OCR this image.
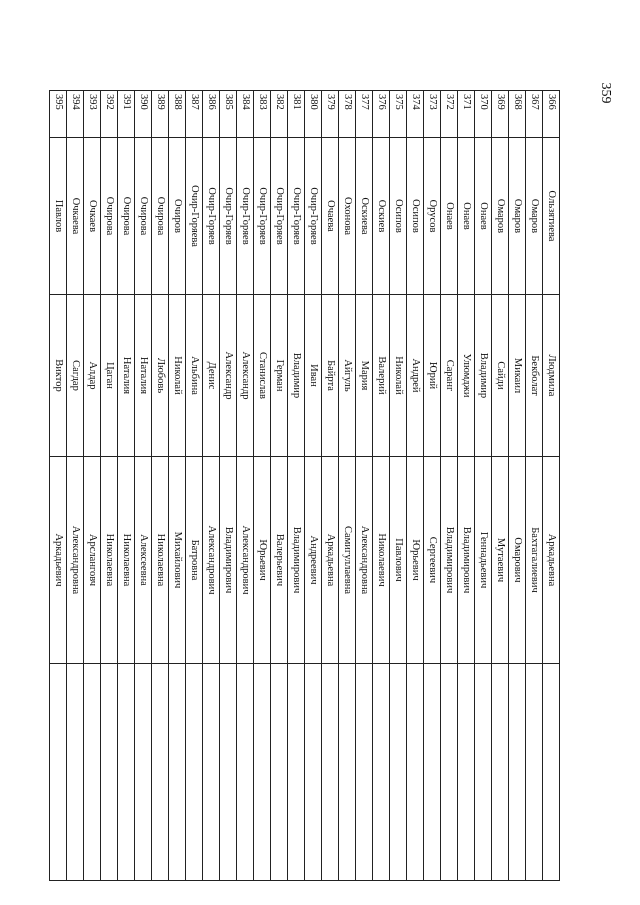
359
366	Ользятиева	Людмила	Аркадьевна	
367	Омаров	Бекболат	Бахтагалиевич	
368	Омаров	Микаил	Омарович	
369	Омаров	Сайди	Мутаевич	
370	Онаев	Владимир	Геннадьевич	
371	Онаев	Улюмджи	Владимирович	
372	Онаев	Саранг	Владимирович	
373	Орусов	Юрий	Сергеевич	
374	Осипов	Андрей	Юрьевич	
375	Осипов	Николай	Павлович	
376	Оскиев	Валерий	Николаевич	
377	Оскиева	Мария	Александровна	
378	Охонова	Айгуль	Самигуллаевна	
379	Очаева	Байрта	Аркадьевна	
380	Очир-Горяев	Иван	Андреевич	
381	Очир-Горяев	Владимир	Владимирович	
382	Очир-Горяев	Герман	Валерьевич	
383	Очир-Горяев	Станислав	Юрьевич	
384	Очир-Горяев	Александр	Александрович	
385	Очир-Горяев	Александр	Владимирович	
386	Очир-Горяев	Денис	Александрович	
387	Очир-Горяева	Альбина	Батровна	
388	Очиров	Николай	Михайлович	
389	Очирова	Любовь	Николаевна	
390	Очирова	Наталия	Алексеевна	
391	Очирова	Наталия	Николаевна	
392	Очирова	Цаган	Николаевна	
393	Очкаев	Алдар	Арсланговч	
394	Очкаева	Сагдар	Александровна	
395	Павлов	Виктор	Аркадьевич	
